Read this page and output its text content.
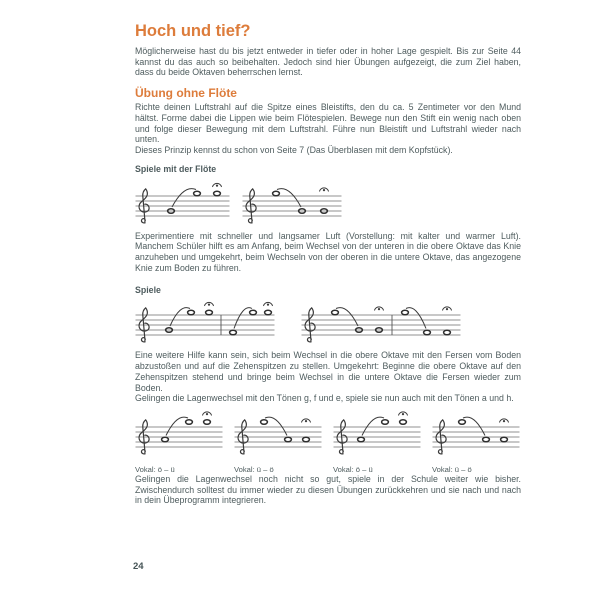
Hoch und tief?

Möglicherweise hast du bis jetzt entweder in tiefer oder in hoher Lage gespielt. Bis zur Seite 44 kannst du das auch so beibehalten. Jedoch sind hier Übungen aufgezeigt, die zum Ziel haben, dass du beide Oktaven beherrschen lernst.

Übung ohne Flöte

Richte deinen Luftstrahl auf die Spitze eines Bleistifts, den du ca. 5 Zentimeter vor den Mund hältst. Forme dabei die Lippen wie beim Flötespielen. Bewege nun den Stift ein wenig nach oben und folge dieser Bewegung mit dem Luftstrahl. Führe nun Bleistift und Luftstrahl wieder nach unten.

Dieses Prinzip kennst du schon von Seite 7 (Das Überblasen mit dem Kopfstück).

Spiele mit der Flöte

Experimentiere mit schneller und langsamer Luft (Vorstellung: mit kalter und warmer Luft). Manchem Schüler hilft es am Anfang, beim Wechsel von der unteren in die obere Oktave das Knie anzuheben und umgekehrt, beim Wechseln von der oberen in die untere Oktave, das angezogene Knie zum Boden zu führen.

Spiele

Eine weitere Hilfe kann sein, sich beim Wechsel in die obere Oktave mit den Fersen vom Boden abzustoßen und auf die Zehenspitzen zu stellen. Umgekehrt: Beginne die obere Oktave auf den Zehenspitzen stehend und bringe beim Wechsel in die untere Oktave die Fersen wieder zum Boden.

Gelingen die Lagenwechsel mit den Tönen g, f und e, spiele sie nun auch mit den Tönen a und h.

Vokal: ö – ü	Vokal: ü – ö	Vokal: ö – ü	Vokal: ü – ö

Gelingen die Lagenwechsel noch nicht so gut, spiele in der Schule weiter wie bisher. Zwischendurch solltest du immer wieder zu diesen Übungen zurückkehren und sie nach und nach in dein Übeprogramm integrieren.

24
